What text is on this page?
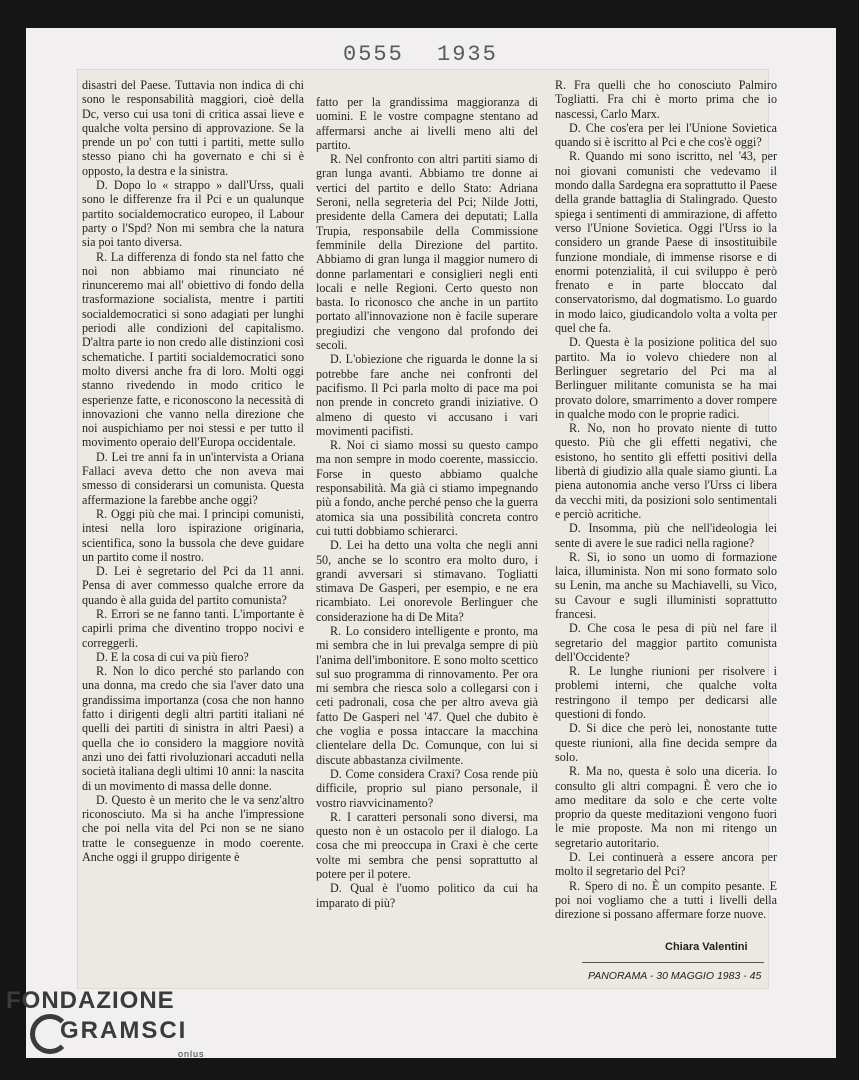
0555 1935

disastri del Paese. Tuttavia non indica di chi sono le responsabilità maggiori, cioè della Dc, verso cui usa toni di critica assai lieve e qualche volta persino di approvazione. Se la prende un po' con tutti i partiti, mette sullo stesso piano chi ha governato e chi si è opposto, la destra e la sinistra.

D. Dopo lo « strappo » dall'Urss, quali sono le differenze fra il Pci e un qualunque partito socialdemocratico europeo, il Labour party o l'Spd? Non mi sembra che la natura sia poi tanto diversa.

R. La differenza di fondo sta nel fatto che noi non abbiamo mai rinunciato né rinunceremo mai all' obiettivo di fondo della trasformazione socialista, mentre i partiti socialdemocratici si sono adagiati per lunghi periodi alle condizioni del capitalismo. D'altra parte io non credo alle distinzioni così schematiche. I partiti socialdemocratici sono molto diversi anche fra di loro. Molti oggi stanno rivedendo in modo critico le esperienze fatte, e riconoscono la necessità di innovazioni che vanno nella direzione che noi auspichiamo per noi stessi e per tutto il movimento operaio dell'Europa occidentale.

D. Lei tre anni fa in un'intervista a Oriana Fallaci aveva detto che non aveva mai smesso di considerarsi un comunista. Questa affermazione la farebbe anche oggi?

R. Oggi più che mai. I principi comunisti, intesi nella loro ispirazione originaria, scientifica, sono la bussola che deve guidare un partito come il nostro.

D. Lei è segretario del Pci da 11 anni. Pensa di aver commesso qualche errore da quando è alla guida del partito comunista?

R. Errori se ne fanno tanti. L'importante è capirli prima che diventino troppo nocivi e correggerli.

D. E la cosa di cui va più fiero?

R. Non lo dico perché sto parlando con una donna, ma credo che sia l'aver dato una grandissima importanza (cosa che non hanno fatto i dirigenti degli altri partiti italiani né quelli dei partiti di sinistra in altri Paesi) a quella che io considero la maggiore novità anzi uno dei fatti rivoluzionari accaduti nella società italiana degli ultimi 10 anni: la nascita di un movimento di massa delle donne.

D. Questo è un merito che le va senz'altro riconosciuto. Ma si ha anche l'impressione che poi nella vita del Pci non se ne siano tratte le conseguenze in modo coerente. Anche oggi il gruppo dirigente è

fatto per la grandissima maggioranza di uomini. E le vostre compagne stentano ad affermarsi anche ai livelli meno alti del partito.

R. Nel confronto con altri partiti siamo di gran lunga avanti. Abbiamo tre donne ai vertici del partito e dello Stato: Adriana Seroni, nella segreteria del Pci; Nilde Jotti, presidente della Camera dei deputati; Lalla Trupia, responsabile della Commissione femminile della Direzione del partito. Abbiamo di gran lunga il maggior numero di donne parlamentari e consiglieri negli enti locali e nelle Regioni. Certo questo non basta. Io riconosco che anche in un partito portato all'innovazione non è facile superare pregiudizi che vengono dal profondo dei secoli.

D. L'obiezione che riguarda le donne la si potrebbe fare anche nei confronti del pacifismo. Il Pci parla molto di pace ma poi non prende in concreto grandi iniziative. O almeno di questo vi accusano i vari movimenti pacifisti.

R. Noi ci siamo mossi su questo campo ma non sempre in modo coerente, massiccio. Forse in questo abbiamo qualche responsabilità. Ma già ci stiamo impegnando più a fondo, anche perché penso che la guerra atomica sia una possibilità concreta contro cui tutti dobbiamo schierarci.

D. Lei ha detto una volta che negli anni 50, anche se lo scontro era molto duro, i grandi avversari si stimavano. Togliatti stimava De Gasperi, per esempio, e ne era ricambiato. Lei onorevole Berlinguer che considerazione ha di De Mita?

R. Lo considero intelligente e pronto, ma mi sembra che in lui prevalga sempre di più l'anima dell'imbonitore. E sono molto scettico sul suo programma di rinnovamento. Per ora mi sembra che riesca solo a collegarsi con i ceti padronali, cosa che per altro aveva già fatto De Gasperi nel '47. Quel che dubito è che voglia e possa intaccare la macchina clientelare della Dc. Comunque, con lui si discute abbastanza civilmente.

D. Come considera Craxi? Cosa rende più difficile, proprio sul piano personale, il vostro riavvicinamento?

R. I caratteri personali sono diversi, ma questo non è un ostacolo per il dialogo. La cosa che mi preoccupa in Craxi è che certe volte mi sembra che pensi soprattutto al potere per il potere.

D. Qual è l'uomo politico da cui ha imparato di più?

R. Fra quelli che ho conosciuto Palmiro Togliatti. Fra chi è morto prima che io nascessi, Carlo Marx.

D. Che cos'era per lei l'Unione Sovietica quando si è iscritto al Pci e che cos'è oggi?

R. Quando mi sono iscritto, nel '43, per noi giovani comunisti che vedevamo il mondo dalla Sardegna era soprattutto il Paese della grande battaglia di Stalingrado. Questo spiega i sentimenti di ammirazione, di affetto verso l'Unione Sovietica. Oggi l'Urss io la considero un grande Paese di insostituibile funzione mondiale, di immense risorse e di enormi potenzialità, il cui sviluppo è però frenato e in parte bloccato dal conservatorismo, dal dogmatismo. Lo guardo in modo laico, giudicandolo volta a volta per quel che fa.

D. Questa è la posizione politica del suo partito. Ma io volevo chiedere non al Berlinguer segretario del Pci ma al Berlinguer militante comunista se ha mai provato dolore, smarrimento a dover rompere in qualche modo con le proprie radici.

R. No, non ho provato niente di tutto questo. Più che gli effetti negativi, che esistono, ho sentito gli effetti positivi della libertà di giudizio alla quale siamo giunti. La piena autonomia anche verso l'Urss ci libera da vecchi miti, da posizioni solo sentimentali e perciò acritiche.

D. Insomma, più che nell'ideologia lei sente di avere le sue radici nella ragione?

R. Sì, io sono un uomo di formazione laica, illuminista. Non mi sono formato solo su Lenin, ma anche su Machiavelli, su Vico, su Cavour e sugli illuministi soprattutto francesi.

D. Che cosa le pesa di più nel fare il segretario del maggior partito comunista dell'Occidente?

R. Le lunghe riunioni per risolvere i problemi interni, che qualche volta restringono il tempo per dedicarsi alle questioni di fondo.

D. Si dice che però lei, nonostante tutte queste riunioni, alla fine decida sempre da solo.

R. Ma no, questa è solo una diceria. Io consulto gli altri compagni. È vero che io amo meditare da solo e che certe volte proprio da queste meditazioni vengono fuori le mie proposte. Ma non mi ritengo un segretario autoritario.

D. Lei continuerà a essere ancora per molto il segretario del Pci?

R. Spero di no. È un compito pesante. E poi noi vogliamo che a tutti i livelli della direzione si possano affermare forze nuove.

Chiara Valentini
PANORAMA - 30 MAGGIO 1983 - 45
FONDAZIONE
GRAMSCI
onlus
